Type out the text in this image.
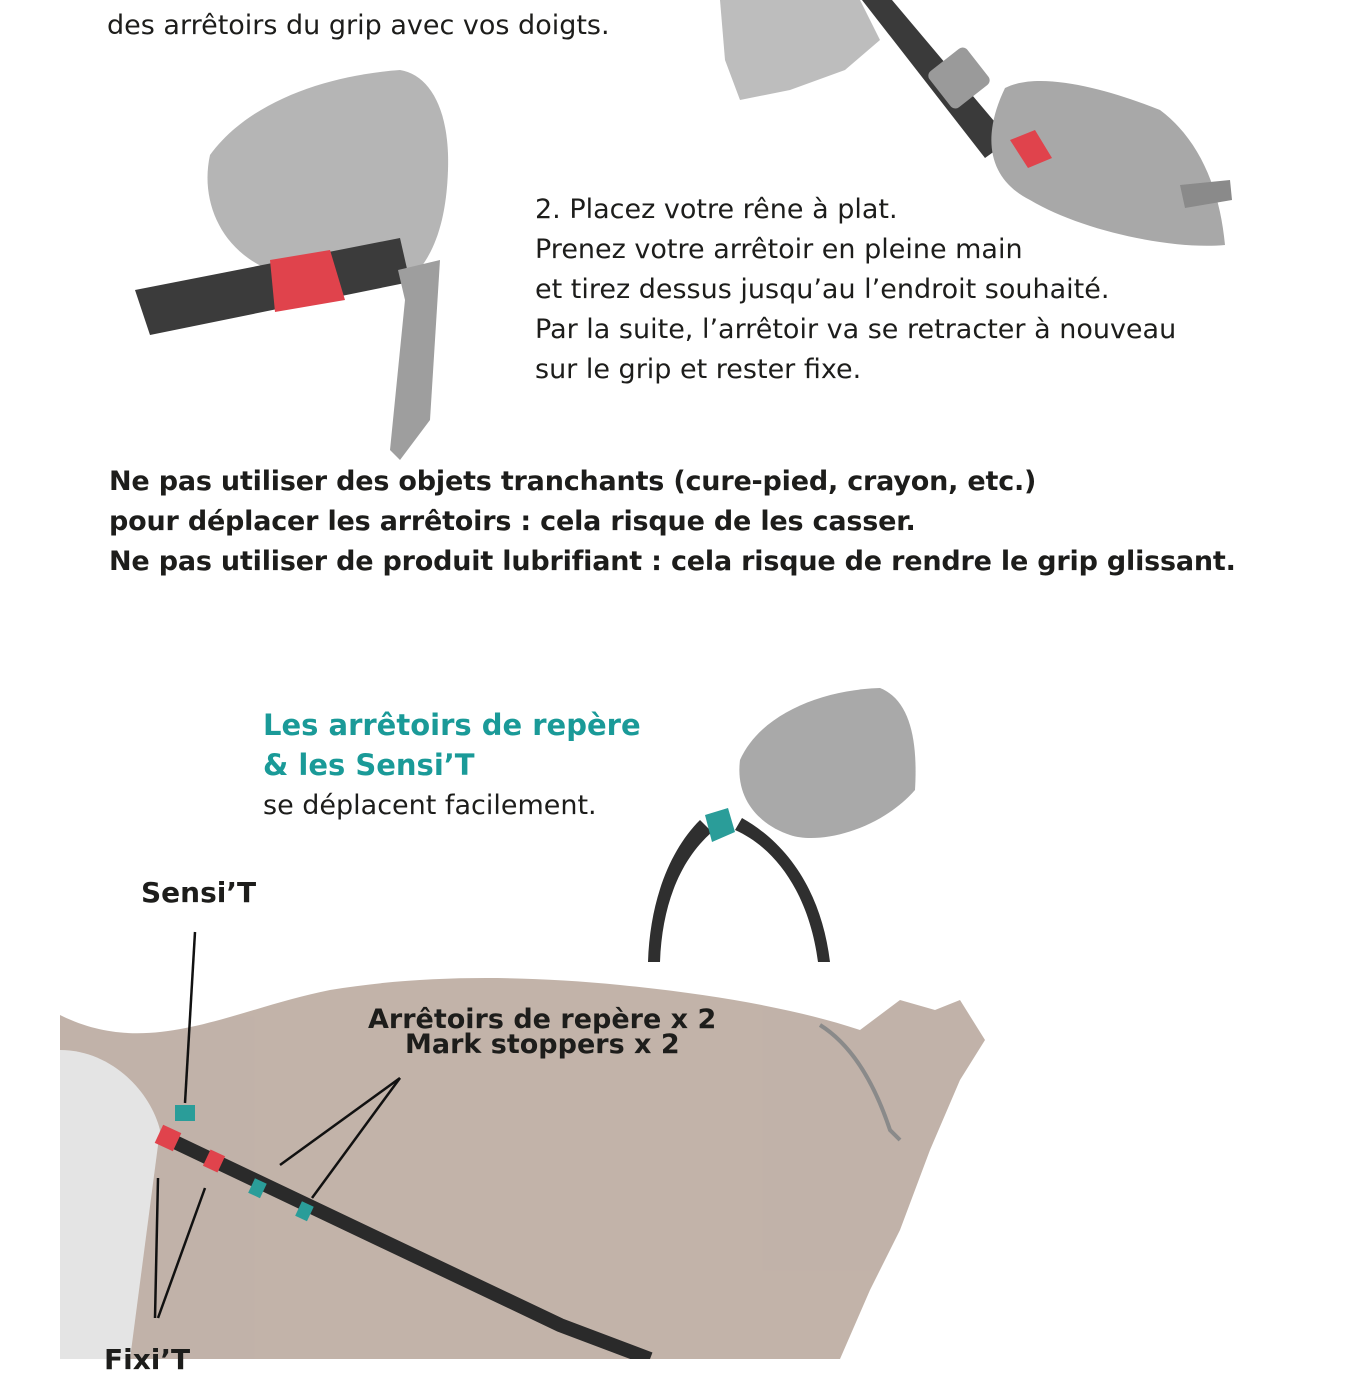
des arrêtoirs du grip avec vos doigts.
2. Placez votre rêne à plat.
Prenez votre arrêtoir en pleine main
et tirez dessus jusqu’au l’endroit souhaité.
Par la suite, l’arrêtoir va se retracter à nouveau
sur le grip et rester fixe.
Ne pas utiliser des objets tranchants (cure-pied, crayon, etc.)
pour déplacer les arrêtoirs : cela risque de les casser.
Ne pas utiliser de produit lubrifiant : cela risque de rendre le grip glissant.
Les arrêtoirs de repère
& les Sensi’T
se déplacent facilement.
Sensi’T
Arrêtoirs de repère x 2
Mark stoppers x 2
Fixi’T
